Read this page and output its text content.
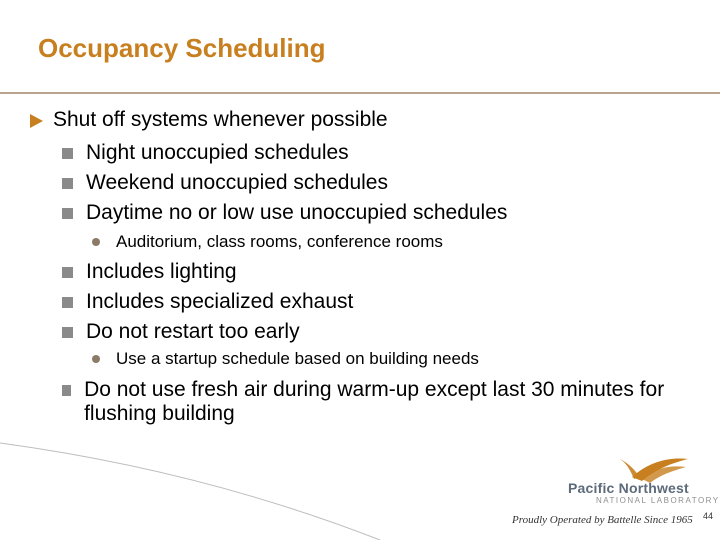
Occupancy Scheduling
Shut off systems whenever possible
Night unoccupied schedules
Weekend unoccupied schedules
Daytime no or low use unoccupied schedules
Auditorium, class rooms, conference rooms
Includes lighting
Includes specialized exhaust
Do not restart too early
Use a startup schedule based on building needs
Do not use fresh air during warm-up except last 30 minutes for flushing building
Pacific Northwest
NATIONAL LABORATORY
Proudly Operated by Battelle Since 1965 44
